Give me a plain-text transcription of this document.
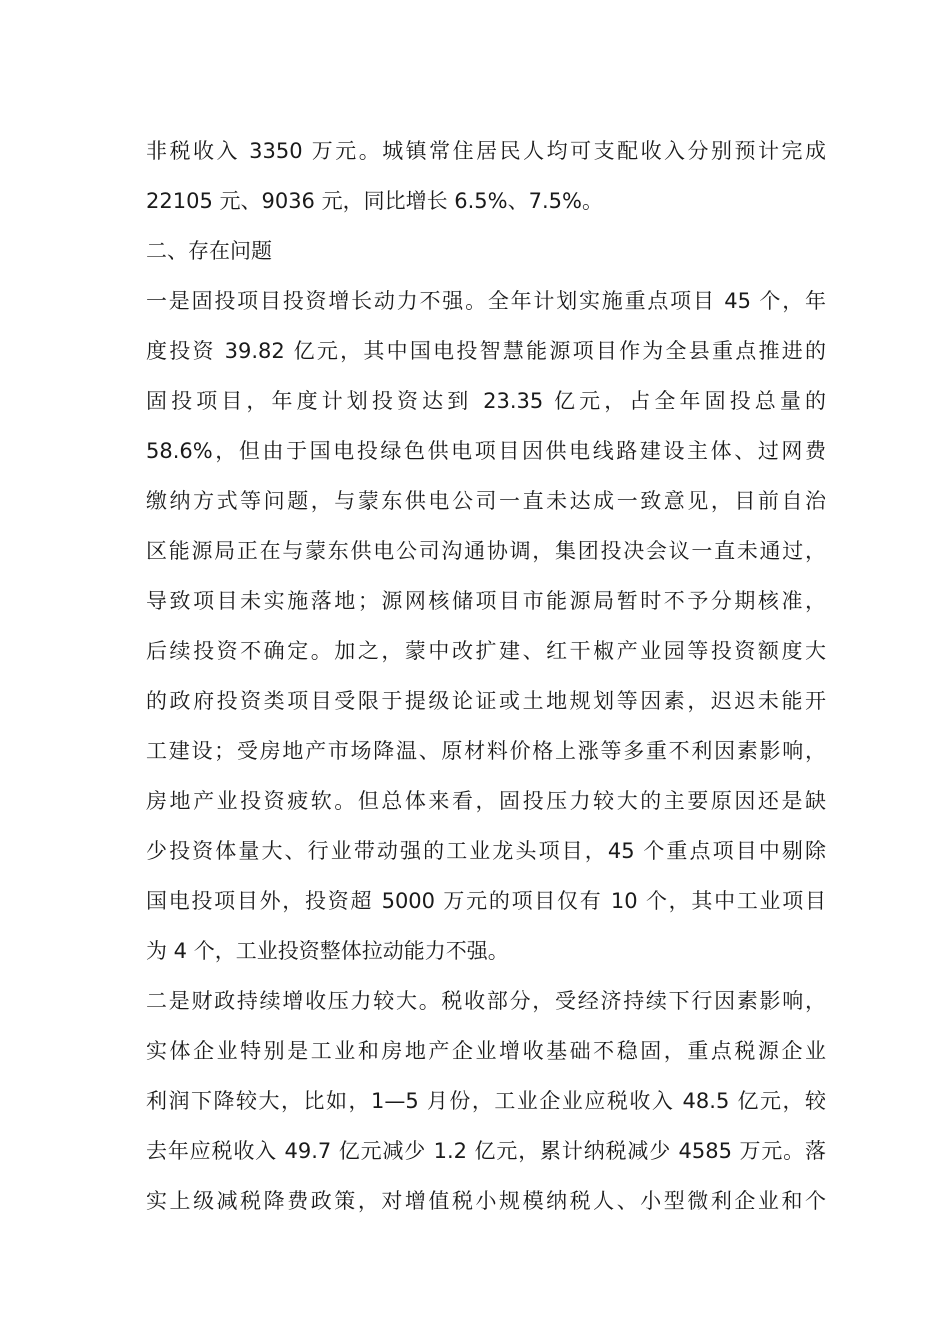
非税收入 3350 万元。城镇常住居民人均可支配收入分别预计完成
22105 元、9036 元，同比增长 6.5%、7.5%。
二、存在问题
一是固投项目投资增长动力不强。全年计划实施重点项目 45 个，年
度投资 39.82 亿元，其中国电投智慧能源项目作为全县重点推进的
固投项目，年度计划投资达到 23.35 亿元，占全年固投总量的
58.6%，但由于国电投绿色供电项目因供电线路建设主体、过网费
缴纳方式等问题，与蒙东供电公司一直未达成一致意见，目前自治
区能源局正在与蒙东供电公司沟通协调，集团投决会议一直未通过，
导致项目未实施落地；源网核储项目市能源局暂时不予分期核准，
后续投资不确定。加之，蒙中改扩建、红干椒产业园等投资额度大
的政府投资类项目受限于提级论证或土地规划等因素，迟迟未能开
工建设；受房地产市场降温、原材料价格上涨等多重不利因素影响，
房地产业投资疲软。但总体来看，固投压力较大的主要原因还是缺
少投资体量大、行业带动强的工业龙头项目，45 个重点项目中剔除
国电投项目外，投资超 5000 万元的项目仅有 10 个，其中工业项目
为 4 个，工业投资整体拉动能力不强。
二是财政持续增收压力较大。税收部分，受经济持续下行因素影响，
实体企业特别是工业和房地产企业增收基础不稳固，重点税源企业
利润下降较大，比如，1—5 月份，工业企业应税收入 48.5 亿元，较
去年应税收入 49.7 亿元减少 1.2 亿元，累计纳税减少 4585 万元。落
实上级减税降费政策，对增值税小规模纳税人、小型微利企业和个
